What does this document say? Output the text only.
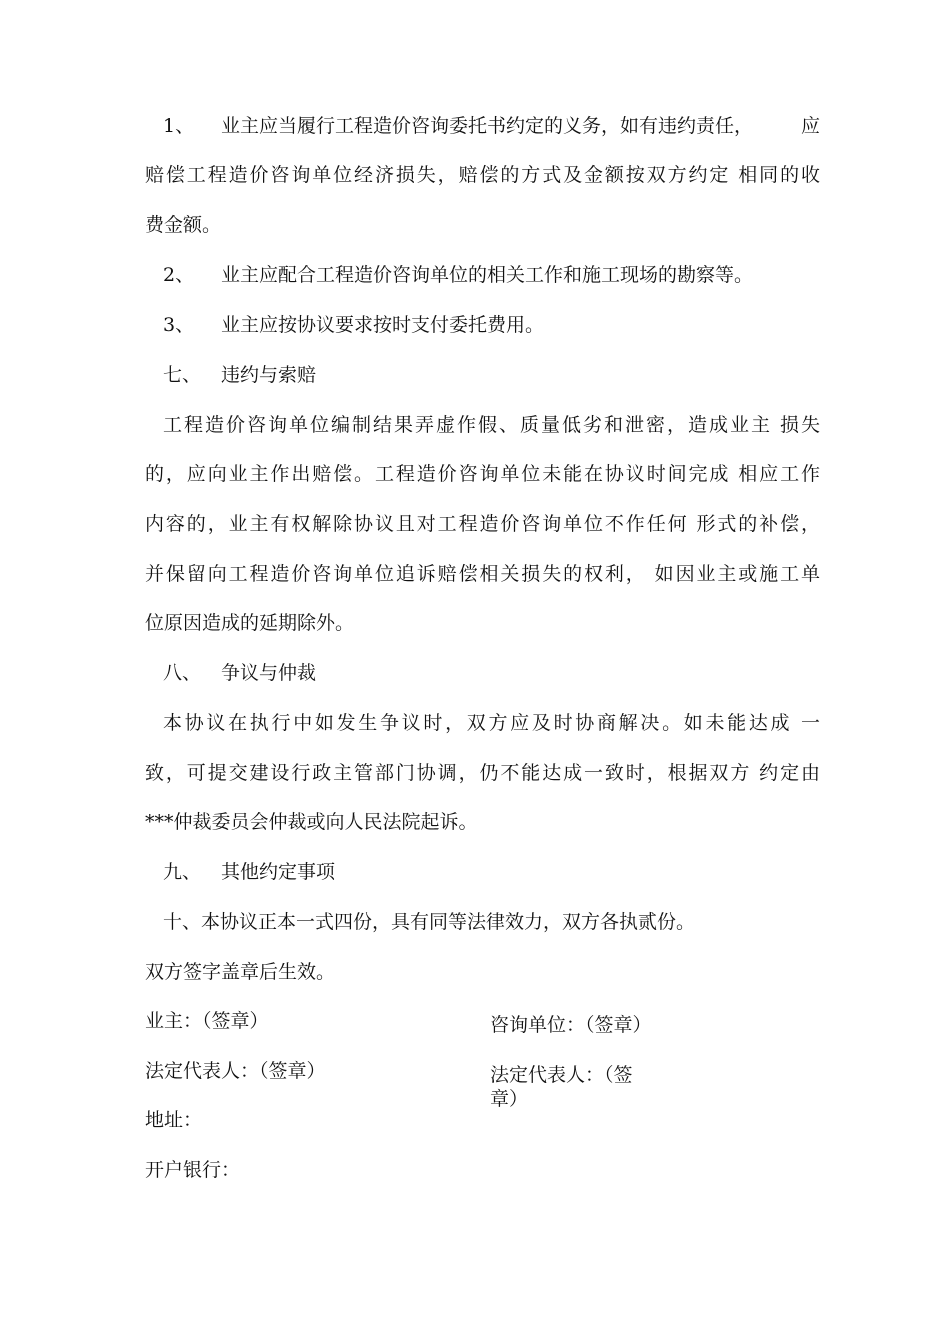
1、 业主应当履行工程造价咨询委托书约定的义务，如有违约责任，	应
赔偿工程造价咨询单位经济损失，赔偿的方式及金额按双方约定 相同的收
费金额。
2、 业主应配合工程造价咨询单位的相关工作和施工现场的勘察等。
3、 业主应按协议要求按时支付委托费用。
七、 违约与索赔
工程造价咨询单位编制结果弄虚作假、质量低劣和泄密，造成业主 损失
的，应向业主作出赔偿。工程造价咨询单位未能在协议时间完成 相应工作
内容的，业主有权解除协议且对工程造价咨询单位不作任何 形式的补偿，
并保留向工程造价咨询单位追诉赔偿相关损失的权利， 如因业主或施工单
位原因造成的延期除外。
八、 争议与仲裁
本协议在执行中如发生争议时，双方应及时协商解决。如未能达成 一
致，可提交建设行政主管部门协调，仍不能达成一致时，根据双方 约定由
***仲裁委员会仲裁或向人民法院起诉。
九、 其他约定事项
十、本协议正本一式四份，具有同等法律效力，双方各执贰份。
双方签字盖章后生效。
业主：（签章）
法定代表人：（签章）
地址：
开户银行：
咨询单位：（签章）
法定代表人：（签
章）
